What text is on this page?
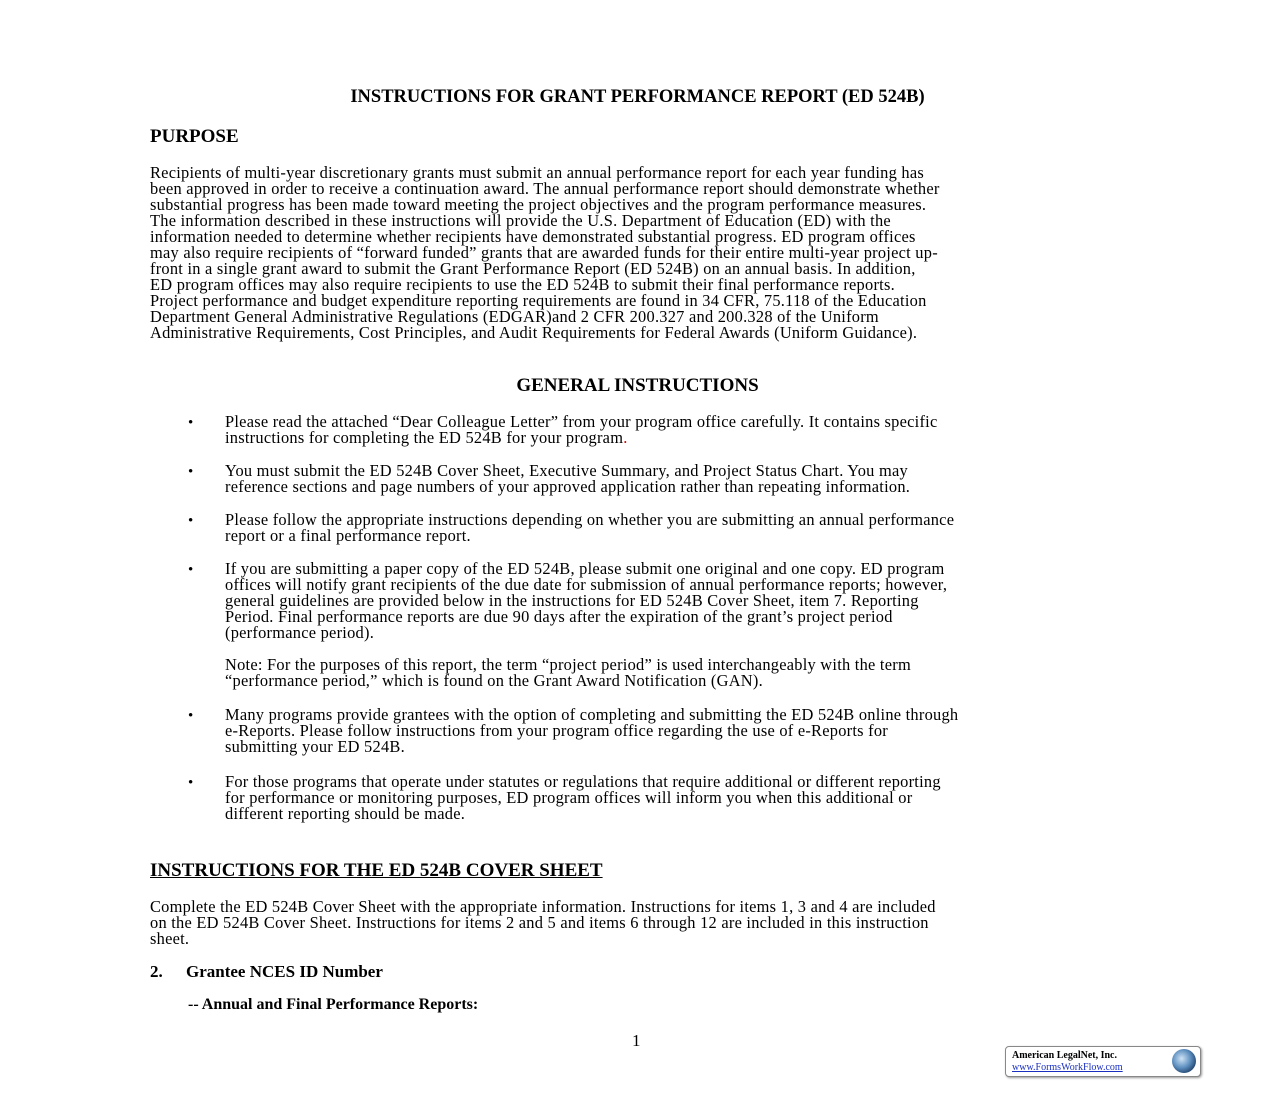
INSTRUCTIONS FOR GRANT PERFORMANCE REPORT (ED 524B)
PURPOSE
Recipients of multi-year discretionary grants must submit an annual performance report for each year funding has
been approved in order to receive a continuation award. The annual performance report should demonstrate whether
substantial progress has been made toward meeting the project objectives and the program performance measures.
The information described in these instructions will provide the U.S. Department of Education (ED) with the
information needed to determine whether recipients have demonstrated substantial progress. ED program offices
may also require recipients of “forward funded” grants that are awarded funds for their entire multi-year project up-
front in a single grant award to submit the Grant Performance Report (ED 524B) on an annual basis. In addition,
ED program offices may also require recipients to use the ED 524B to submit their final performance reports.
Project performance and budget expenditure reporting requirements are found in 34 CFR, 75.118 of the Education
Department General Administrative Regulations (EDGAR)and 2 CFR 200.327 and 200.328 of the Uniform
Administrative Requirements, Cost Principles, and Audit Requirements for Federal Awards (Uniform Guidance).
GENERAL INSTRUCTIONS
• Please read the attached “Dear Colleague Letter” from your program office carefully. It contains specific
instructions for completing the ED 524B for your program.
• You must submit the ED 524B Cover Sheet, Executive Summary, and Project Status Chart. You may
reference sections and page numbers of your approved application rather than repeating information.
• Please follow the appropriate instructions depending on whether you are submitting an annual performance
report or a final performance report.
• If you are submitting a paper copy of the ED 524B, please submit one original and one copy. ED program
offices will notify grant recipients of the due date for submission of annual performance reports; however,
general guidelines are provided below in the instructions for ED 524B Cover Sheet, item 7. Reporting
Period. Final performance reports are due 90 days after the expiration of the grant’s project period
(performance period).
Note: For the purposes of this report, the term “project period” is used interchangeably with the term
“performance period,” which is found on the Grant Award Notification (GAN).
• Many programs provide grantees with the option of completing and submitting the ED 524B online through
e-Reports. Please follow instructions from your program office regarding the use of e-Reports for
submitting your ED 524B.
• For those programs that operate under statutes or regulations that require additional or different reporting
for performance or monitoring purposes, ED program offices will inform you when this additional or
different reporting should be made.
INSTRUCTIONS FOR THE ED 524B COVER SHEET
Complete the ED 524B Cover Sheet with the appropriate information. Instructions for items 1, 3 and 4 are included
on the ED 524B Cover Sheet. Instructions for items 2 and 5 and items 6 through 12 are included in this instruction
sheet.
2. Grantee NCES ID Number
-- Annual and Final Performance Reports:
1
American LegalNet, Inc.
www.FormsWorkFlow.com
